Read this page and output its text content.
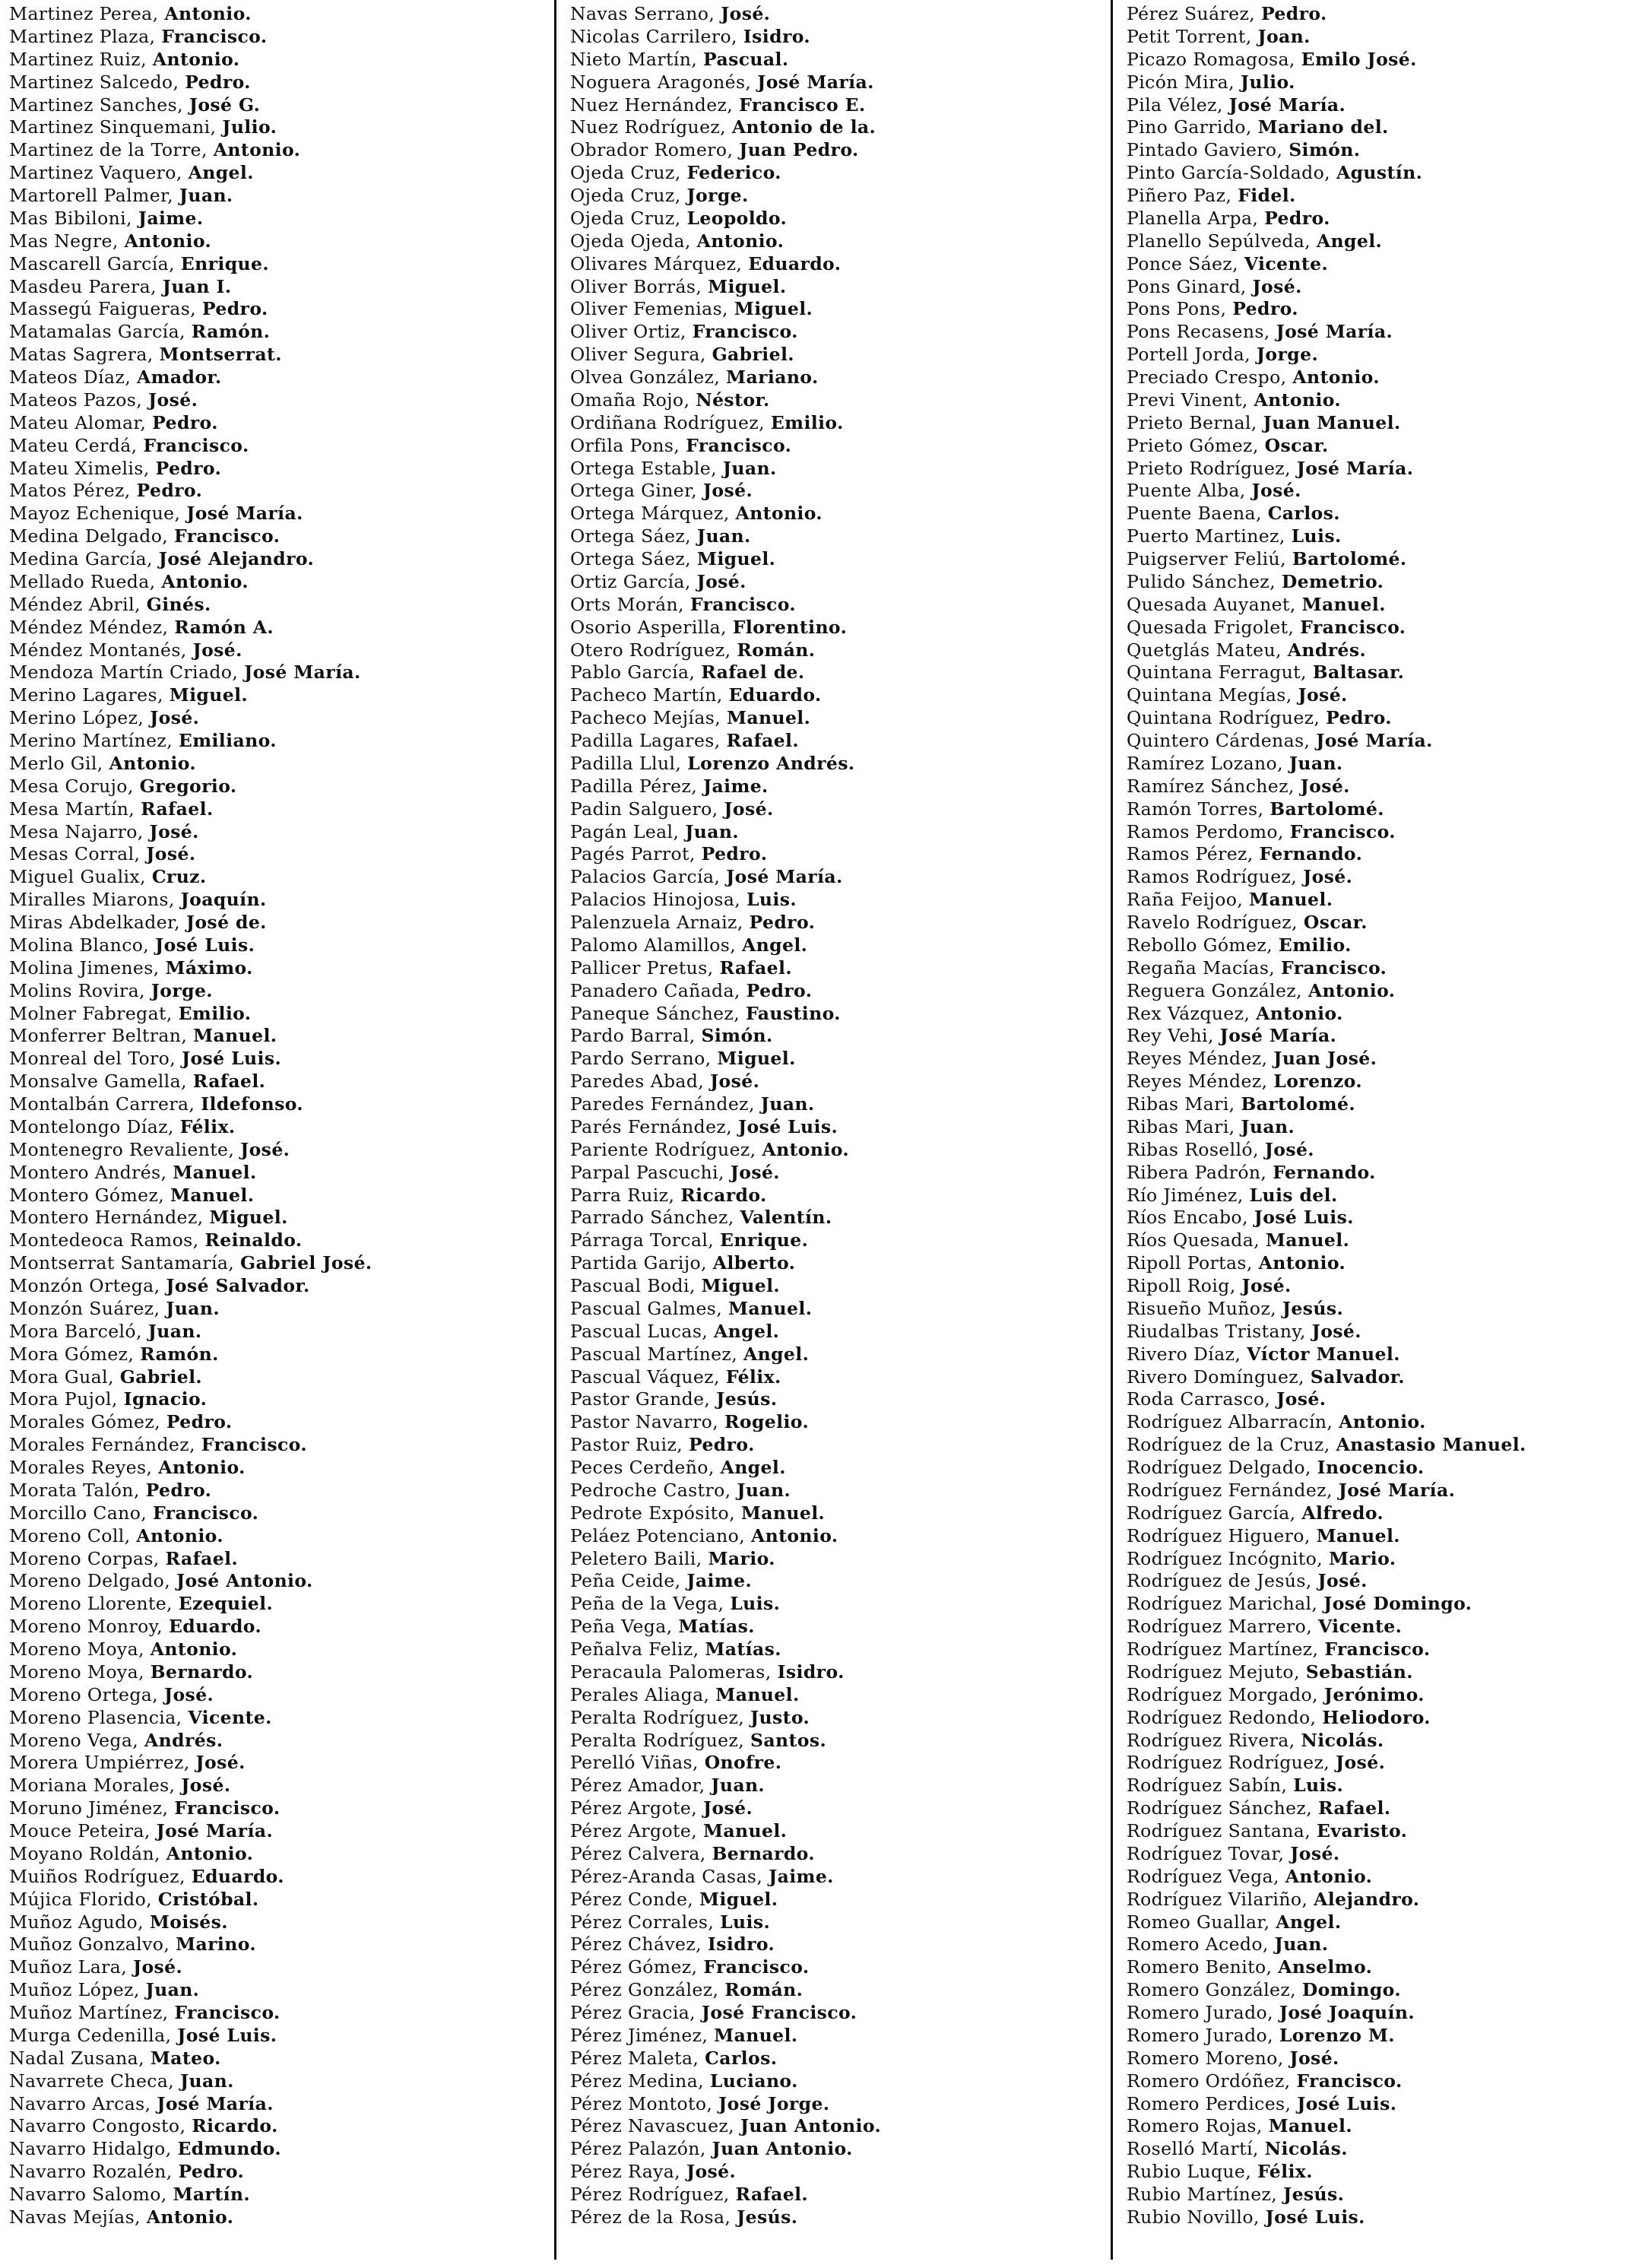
Martinez Perea, Antonio.
Martinez Plaza, Francisco.
Martinez Ruiz, Antonio.
Martinez Salcedo, Pedro.
Martinez Sanches, José G.
Martinez Sinquemani, Julio.
Martinez de la Torre, Antonio.
Martinez Vaquero, Angel.
Martorell Palmer, Juan.
Mas Bibiloni, Jaime.
Mas Negre, Antonio.
Mascarell García, Enrique.
Masdeu Parera, Juan I.
Massegú Faigueras, Pedro.
Matamalas García, Ramón.
Matas Sagrera, Montserrat.
Mateos Díaz, Amador.
Mateos Pazos, José.
Mateu Alomar, Pedro.
Mateu Cerdá, Francisco.
Mateu Ximelis, Pedro.
Matos Pérez, Pedro.
Mayoz Echenique, José María.
Medina Delgado, Francisco.
Medina García, José Alejandro.
Mellado Rueda, Antonio.
Méndez Abril, Ginés.
Méndez Méndez, Ramón A.
Méndez Montanés, José.
Mendoza Martín Criado, José María.
Merino Lagares, Miguel.
Merino López, José.
Merino Martínez, Emiliano.
Merlo Gil, Antonio.
Mesa Corujo, Gregorio.
Mesa Martín, Rafael.
Mesa Najarro, José.
Mesas Corral, José.
Miguel Gualix, Cruz.
Miralles Miarons, Joaquín.
Miras Abdelkader, José de.
Molina Blanco, José Luis.
Molina Jimenes, Máximo.
Molins Rovira, Jorge.
Molner Fabregat, Emilio.
Monferrer Beltran, Manuel.
Monreal del Toro, José Luis.
Monsalve Gamella, Rafael.
Montalbán Carrera, Ildefonso.
Montelongo Díaz, Félix.
Montenegro Revaliente, José.
Montero Andrés, Manuel.
Montero Gómez, Manuel.
Montero Hernández, Miguel.
Montedeoca Ramos, Reinaldo.
Montserrat Santamaría, Gabriel José.
Monzón Ortega, José Salvador.
Monzón Suárez, Juan.
Mora Barceló, Juan.
Mora Gómez, Ramón.
Mora Gual, Gabriel.
Mora Pujol, Ignacio.
Morales Gómez, Pedro.
Morales Fernández, Francisco.
Morales Reyes, Antonio.
Morata Talón, Pedro.
Morcillo Cano, Francisco.
Moreno Coll, Antonio.
Moreno Corpas, Rafael.
Moreno Delgado, José Antonio.
Moreno Llorente, Ezequiel.
Moreno Monroy, Eduardo.
Moreno Moya, Antonio.
Moreno Moya, Bernardo.
Moreno Ortega, José.
Moreno Plasencia, Vicente.
Moreno Vega, Andrés.
Morera Umpiérrez, José.
Moriana Morales, José.
Moruno Jiménez, Francisco.
Mouce Peteira, José María.
Moyano Roldán, Antonio.
Muiños Rodríguez, Eduardo.
Mújica Florido, Cristóbal.
Muñoz Agudo, Moisés.
Muñoz Gonzalvo, Marino.
Muñoz Lara, José.
Muñoz López, Juan.
Muñoz Martínez, Francisco.
Murga Cedenilla, José Luis.
Nadal Zusana, Mateo.
Navarrete Checa, Juan.
Navarro Arcas, José María.
Navarro Congosto, Ricardo.
Navarro Hidalgo, Edmundo.
Navarro Rozalén, Pedro.
Navarro Salomo, Martín.
Navas Mejías, Antonio.
Navas Serrano, José.
Nicolas Carrilero, Isidro.
Nieto Martín, Pascual.
Noguera Aragonés, José María.
Nuez Hernández, Francisco E.
Nuez Rodríguez, Antonio de la.
Obrador Romero, Juan Pedro.
Ojeda Cruz, Federico.
Ojeda Cruz, Jorge.
Ojeda Cruz, Leopoldo.
Ojeda Ojeda, Antonio.
Olivares Márquez, Eduardo.
Oliver Borrás, Miguel.
Oliver Femenias, Miguel.
Oliver Ortiz, Francisco.
Oliver Segura, Gabriel.
Olvea González, Mariano.
Omaña Rojo, Néstor.
Ordiñana Rodríguez, Emilio.
Orfila Pons, Francisco.
Ortega Estable, Juan.
Ortega Giner, José.
Ortega Márquez, Antonio.
Ortega Sáez, Juan.
Ortega Sáez, Miguel.
Ortiz García, José.
Orts Morán, Francisco.
Osorio Asperilla, Florentino.
Otero Rodríguez, Román.
Pablo García, Rafael de.
Pacheco Martín, Eduardo.
Pacheco Mejías, Manuel.
Padilla Lagares, Rafael.
Padilla Llul, Lorenzo Andrés.
Padilla Pérez, Jaime.
Padin Salguero, José.
Pagán Leal, Juan.
Pagés Parrot, Pedro.
Palacios García, José María.
Palacios Hinojosa, Luis.
Palenzuela Arnaiz, Pedro.
Palomo Alamillos, Angel.
Pallicer Pretus, Rafael.
Panadero Cañada, Pedro.
Paneque Sánchez, Faustino.
Pardo Barral, Simón.
Pardo Serrano, Miguel.
Paredes Abad, José.
Paredes Fernández, Juan.
Parés Fernández, José Luis.
Pariente Rodríguez, Antonio.
Parpal Pascuchi, José.
Parra Ruiz, Ricardo.
Parrado Sánchez, Valentín.
Párraga Torcal, Enrique.
Partida Garijo, Alberto.
Pascual Bodi, Miguel.
Pascual Galmes, Manuel.
Pascual Lucas, Angel.
Pascual Martínez, Angel.
Pascual Váquez, Félix.
Pastor Grande, Jesús.
Pastor Navarro, Rogelio.
Pastor Ruiz, Pedro.
Peces Cerdeño, Angel.
Pedroche Castro, Juan.
Pedrote Expósito, Manuel.
Peláez Potenciano, Antonio.
Peletero Baili, Mario.
Peña Ceide, Jaime.
Peña de la Vega, Luis.
Peña Vega, Matías.
Peñalva Feliz, Matías.
Peracaula Palomeras, Isidro.
Perales Aliaga, Manuel.
Peralta Rodríguez, Justo.
Peralta Rodríguez, Santos.
Perelló Viñas, Onofre.
Pérez Amador, Juan.
Pérez Argote, José.
Pérez Argote, Manuel.
Pérez Calvera, Bernardo.
Pérez-Aranda Casas, Jaime.
Pérez Conde, Miguel.
Pérez Corrales, Luis.
Pérez Chávez, Isidro.
Pérez Gómez, Francisco.
Pérez González, Román.
Pérez Gracia, José Francisco.
Pérez Jiménez, Manuel.
Pérez Maleta, Carlos.
Pérez Medina, Luciano.
Pérez Montoto, José Jorge.
Pérez Navascuez, Juan Antonio.
Pérez Palazón, Juan Antonio.
Pérez Raya, José.
Pérez Rodríguez, Rafael.
Pérez de la Rosa, Jesús.
Pérez Suárez, Pedro.
Petit Torrent, Joan.
Picazo Romagosa, Emilo José.
Picón Mira, Julio.
Pila Vélez, José María.
Pino Garrido, Mariano del.
Pintado Gaviero, Simón.
Pinto García-Soldado, Agustín.
Piñero Paz, Fidel.
Planella Arpa, Pedro.
Planello Sepúlveda, Angel.
Ponce Sáez, Vicente.
Pons Ginard, José.
Pons Pons, Pedro.
Pons Recasens, José María.
Portell Jorda, Jorge.
Preciado Crespo, Antonio.
Previ Vinent, Antonio.
Prieto Bernal, Juan Manuel.
Prieto Gómez, Oscar.
Prieto Rodríguez, José María.
Puente Alba, José.
Puente Baena, Carlos.
Puerto Martinez, Luis.
Puigserver Feliú, Bartolomé.
Pulido Sánchez, Demetrio.
Quesada Auyanet, Manuel.
Quesada Frigolet, Francisco.
Quetglás Mateu, Andrés.
Quintana Ferragut, Baltasar.
Quintana Megías, José.
Quintana Rodríguez, Pedro.
Quintero Cárdenas, José María.
Ramírez Lozano, Juan.
Ramírez Sánchez, José.
Ramón Torres, Bartolomé.
Ramos Perdomo, Francisco.
Ramos Pérez, Fernando.
Ramos Rodríguez, José.
Raña Feijoo, Manuel.
Ravelo Rodríguez, Oscar.
Rebollo Gómez, Emilio.
Regaña Macías, Francisco.
Reguera González, Antonio.
Rex Vázquez, Antonio.
Rey Vehi, José María.
Reyes Méndez, Juan José.
Reyes Méndez, Lorenzo.
Ribas Mari, Bartolomé.
Ribas Mari, Juan.
Ribas Roselló, José.
Ribera Padrón, Fernando.
Río Jiménez, Luis del.
Ríos Encabo, José Luis.
Ríos Quesada, Manuel.
Ripoll Portas, Antonio.
Ripoll Roig, José.
Risueño Muñoz, Jesús.
Riudalbas Tristany, José.
Rivero Díaz, Víctor Manuel.
Rivero Domínguez, Salvador.
Roda Carrasco, José.
Rodríguez Albarracín, Antonio.
Rodríguez de la Cruz, Anastasio Manuel.
Rodríguez Delgado, Inocencio.
Rodríguez Fernández, José María.
Rodríguez García, Alfredo.
Rodríguez Higuero, Manuel.
Rodríguez Incógnito, Mario.
Rodríguez de Jesús, José.
Rodríguez Marichal, José Domingo.
Rodríguez Marrero, Vicente.
Rodríguez Martínez, Francisco.
Rodríguez Mejuto, Sebastián.
Rodríguez Morgado, Jerónimo.
Rodríguez Redondo, Heliodoro.
Rodríguez Rivera, Nicolás.
Rodríguez Rodríguez, José.
Rodríguez Sabín, Luis.
Rodríguez Sánchez, Rafael.
Rodríguez Santana, Evaristo.
Rodríguez Tovar, José.
Rodríguez Vega, Antonio.
Rodríguez Vilariño, Alejandro.
Romeo Guallar, Angel.
Romero Acedo, Juan.
Romero Benito, Anselmo.
Romero González, Domingo.
Romero Jurado, José Joaquín.
Romero Jurado, Lorenzo M.
Romero Moreno, José.
Romero Ordóñez, Francisco.
Romero Perdices, José Luis.
Romero Rojas, Manuel.
Roselló Martí, Nicolás.
Rubio Luque, Félix.
Rubio Martínez, Jesús.
Rubio Novillo, José Luis.
